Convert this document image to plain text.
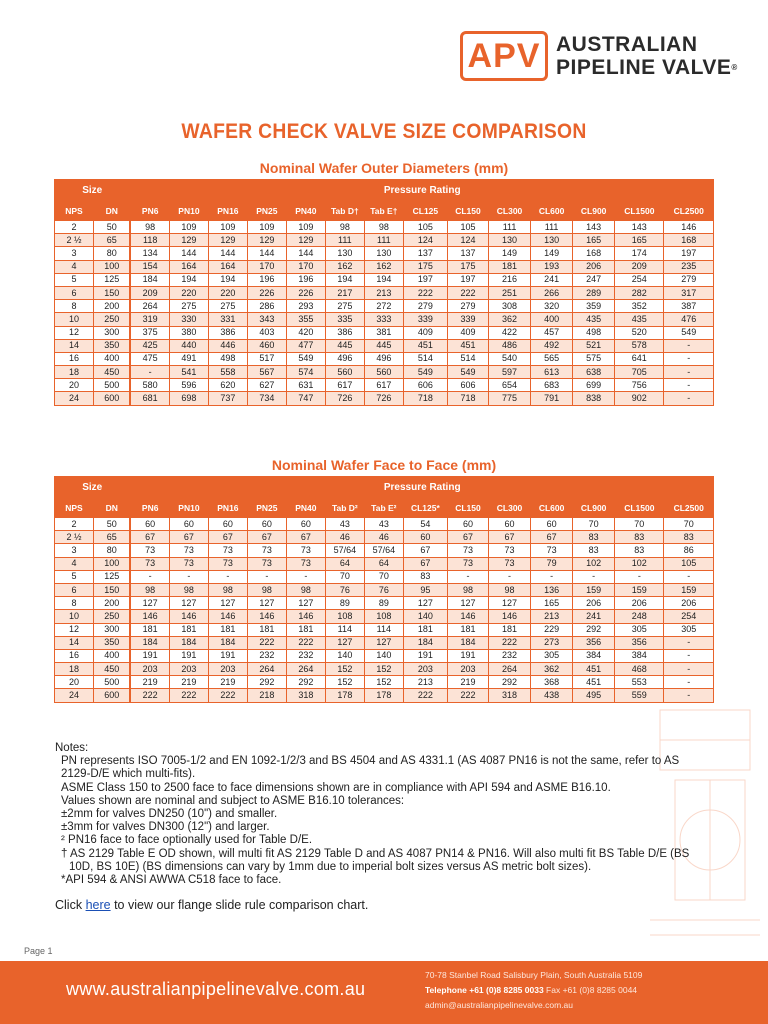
APV AUSTRALIAN
PIPELINE VALVE®
WAFER CHECK VALVE SIZE COMPARISON
Nominal Wafer Outer Diameters (mm)
Size		Pressure Rating													
NPS	DN	PN6	PN10	PN16	PN25	PN40	Tab D†	Tab E†	CL125	CL150	CL300	CL600	CL900	CL1500	CL2500
2	50	98	109	109	109	109	98	98	105	105	111	111	143	143	146
2 ½	65	118	129	129	129	129	111	111	124	124	130	130	165	165	168
3	80	134	144	144	144	144	130	130	137	137	149	149	168	174	197
4	100	154	164	164	170	170	162	162	175	175	181	193	206	209	235
5	125	184	194	194	196	196	194	194	197	197	216	241	247	254	279
6	150	209	220	220	226	226	217	213	222	222	251	266	289	282	317
8	200	264	275	275	286	293	275	272	279	279	308	320	359	352	387
10	250	319	330	331	343	355	335	333	339	339	362	400	435	435	476
12	300	375	380	386	403	420	386	381	409	409	422	457	498	520	549
14	350	425	440	446	460	477	445	445	451	451	486	492	521	578	-
16	400	475	491	498	517	549	496	496	514	514	540	565	575	641	-
18	450	-	541	558	567	574	560	560	549	549	597	613	638	705	-
20	500	580	596	620	627	631	617	617	606	606	654	683	699	756	-
24	600	681	698	737	734	747	726	726	718	718	775	791	838	902	-
Nominal Wafer Face to Face (mm)
Size		Pressure Rating													
NPS	DN	PN6	PN10	PN16	PN25	PN40	Tab D²	Tab E²	CL125*	CL150	CL300	CL600	CL900	CL1500	CL2500
2	50	60	60	60	60	60	43	43	54	60	60	60	70	70	70
2 ½	65	67	67	67	67	67	46	46	60	67	67	67	83	83	83
3	80	73	73	73	73	73	57/64	57/64	67	73	73	73	83	83	86
4	100	73	73	73	73	73	64	64	67	73	73	79	102	102	105
5	125	-	-	-	-	-	70	70	83	-	-	-	-	-	-
6	150	98	98	98	98	98	76	76	95	98	98	136	159	159	159
8	200	127	127	127	127	127	89	89	127	127	127	165	206	206	206
10	250	146	146	146	146	146	108	108	140	146	146	213	241	248	254
12	300	181	181	181	181	181	114	114	181	181	181	229	292	305	305
14	350	184	184	184	222	222	127	127	184	184	222	273	356	356	-
16	400	191	191	191	232	232	140	140	191	191	232	305	384	384	-
18	450	203	203	203	264	264	152	152	203	203	264	362	451	468	-
20	500	219	219	219	292	292	152	152	213	219	292	368	451	553	-
24	600	222	222	222	218	318	178	178	222	222	318	438	495	559	-
Notes:
PN represents ISO 7005-1/2 and EN 1092-1/2/3 and BS 4504 and AS 4331.1 (AS 4087 PN16 is not the same, refer to AS
2129-D/E which multi-fits).
ASME Class 150 to 2500 face to face dimensions shown are in compliance with API 594 and ASME B16.10.
Values shown are nominal and subject to ASME B16.10 tolerances:
±2mm for valves DN250 (10") and smaller.
±3mm for valves DN300 (12") and larger.
² PN16 face to face optionally used for Table D/E.
† AS 2129 Table E OD shown, will multi fit AS 2129 Table D and AS 4087 PN14 & PN16. Will also multi fit BS Table D/E (BS
10D, BS 10E) (BS dimensions can vary by 1mm due to imperial bolt sizes versus AS metric bolt sizes).
*API 594 & ANSI AWWA C518 face to face.
Click here to view our flange slide rule comparison chart.
Page 1
www.australianpipelinevalve.com.au
70-78 Stanbel Road Salisbury Plain, South Australia 5109
Telephone +61 (0)8 8285 0033 Fax +61 (0)8 8285 0044
admin@australianpipelinevalve.com.au
